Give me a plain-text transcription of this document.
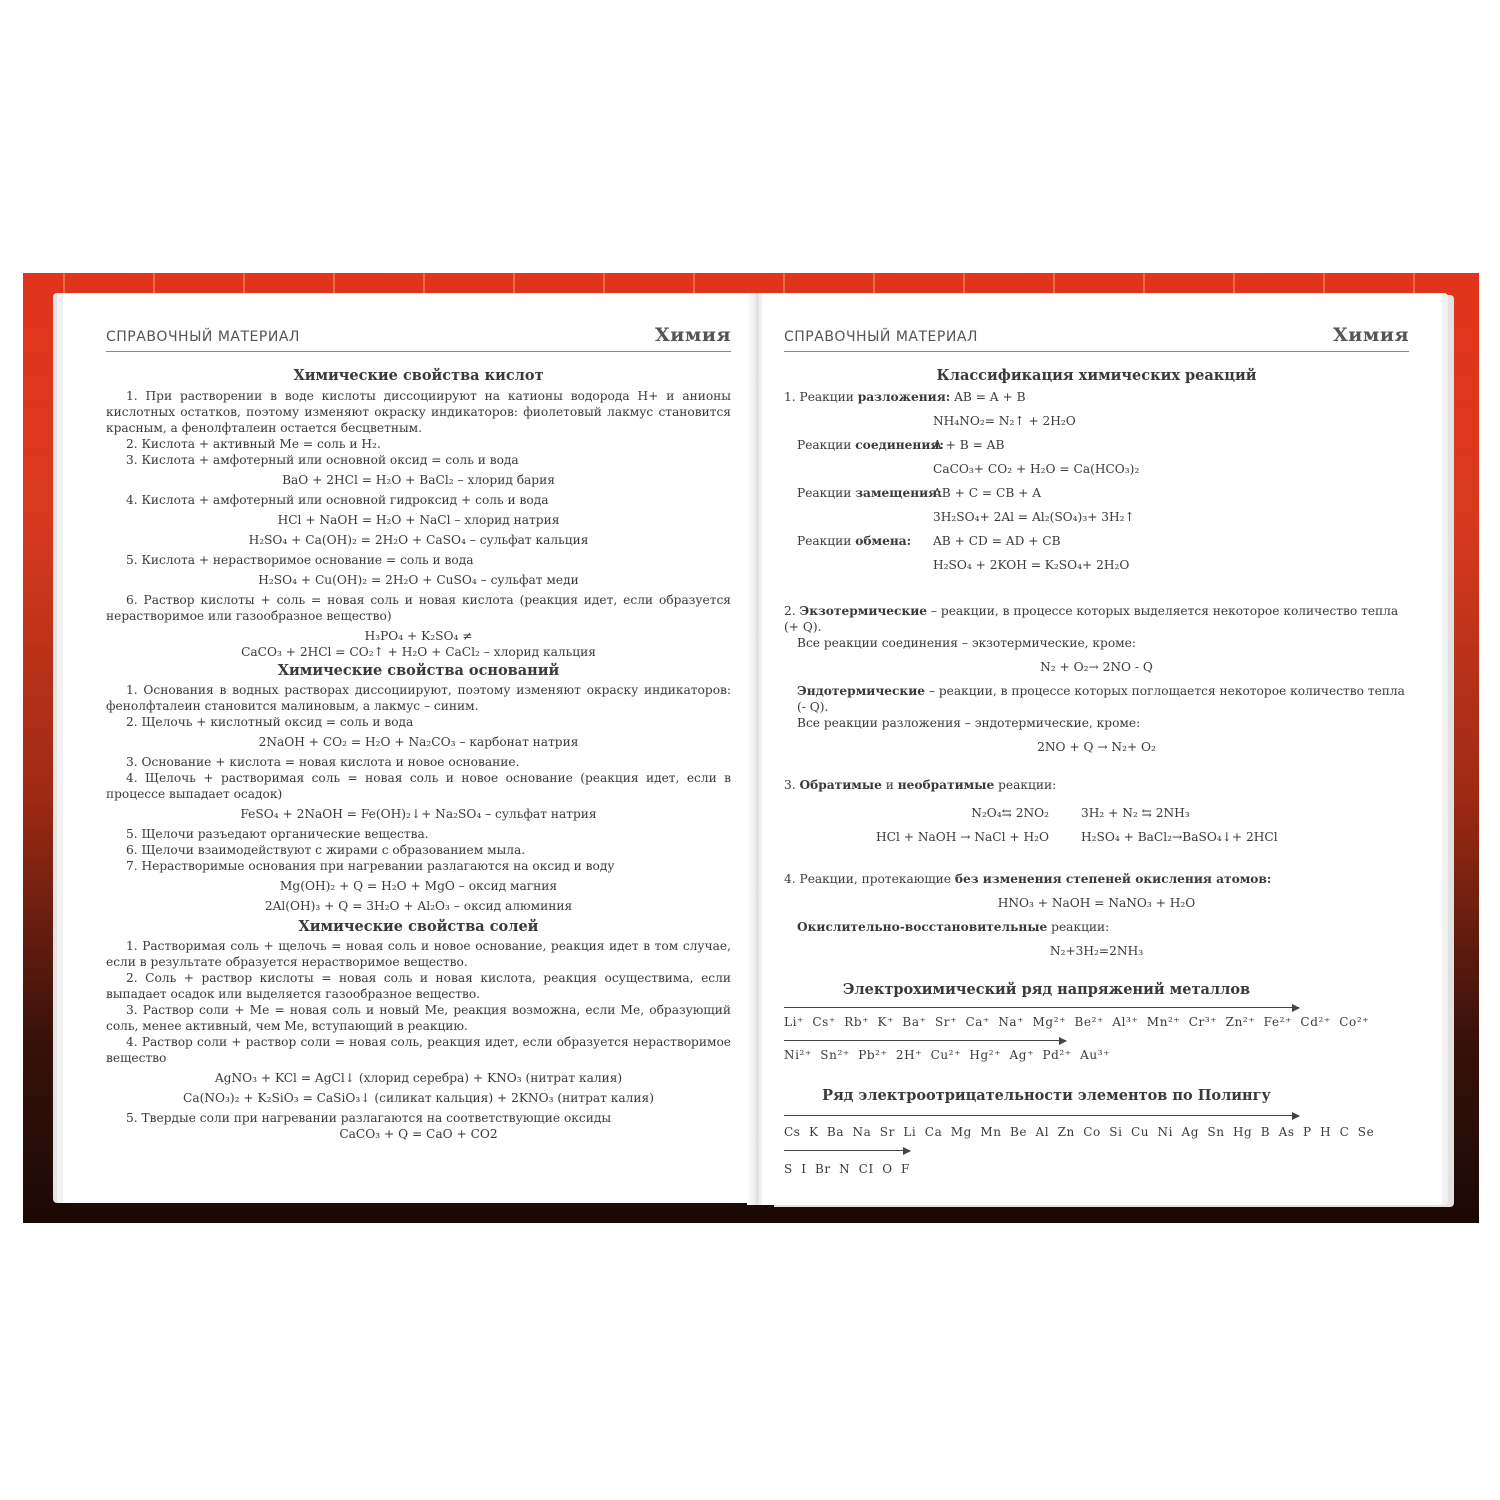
СПРАВОЧНЫЙ МАТЕРИАЛ	Химия
Химические свойства кислот

1. При растворении в воде кислоты диссоциируют на катионы водорода H+ и анионы кислотных остатков, поэтому изменяют окраску индикаторов: фиолетовый лакмус становится красным, а фенолфталеин остается бесцветным.

2. Кислота + активный Me = соль и H₂.

3. Кислота + амфотерный или основной оксид = соль и вода

BaO + 2HCl = H₂O + BaCl₂ – хлорид бария

4. Кислота + амфотерный или основной гидроксид + соль и вода

HCl + NaOH = H₂O + NaCl – хлорид натрия

H₂SO₄ + Ca(OH)₂ = 2H₂O + CaSO₄ – сульфат кальция

5. Кислота + нерастворимое основание = соль и вода

H₂SO₄ + Cu(OH)₂ = 2H₂O + CuSO₄ – сульфат меди

6. Раствор кислоты + соль = новая соль и новая кислота (реакция идет, если образуется нерастворимое или газообразное вещество)

H₃PO₄ + K₂SO₄ ≠

CaCO₃ + 2HCl = CO₂↑ + H₂O + CaCl₂ – хлорид кальция

Химические свойства оснований

1. Основания в водных растворах диссоциируют, поэтому изменяют окраску индикаторов: фенолфталеин становится малиновым, а лакмус – синим.

2. Щелочь + кислотный оксид = соль и вода

2NaOH + CO₂ = H₂O + Na₂CO₃ – карбонат натрия

3. Основание + кислота = новая кислота и новое основание.

4. Щелочь + растворимая соль = новая соль и новое основание (реакция идет, если в процессе выпадает осадок)

FeSO₄ + 2NaOH = Fe(OH)₂↓+ Na₂SO₄ – сульфат натрия

5. Щелочи разъедают органические вещества.

6. Щелочи взаимодействуют с жирами с образованием мыла.

7. Нерастворимые основания при нагревании разлагаются на оксид и воду

Mg(OH)₂ + Q = H₂O + MgO – оксид магния

2Al(OH)₃ + Q = 3H₂O + Al₂O₃ – оксид алюминия

Химические свойства солей

1. Растворимая соль + щелочь = новая соль и новое основание, реакция идет в том случае, если в результате образуется нерастворимое вещество.

2. Соль + раствор кислоты = новая соль и новая кислота, реакция осуществима, если выпадает осадок или выделяется газообразное вещество.

3. Раствор соли + Me = новая соль и новый Me, реакция возможна, если Me, образующий соль, менее активный, чем Me, вступающий в реакцию.

4. Раствор соли + раствор соли = новая соль, реакция идет, если образуется нерастворимое вещество

AgNO₃ + KCl = AgCl↓ (хлорид серебра) + KNO₃ (нитрат калия)

Ca(NO₃)₂ + K₂SiO₃ = CaSiO₃↓ (силикат кальция) + 2KNO₃ (нитрат калия)

5. Твердые соли при нагревании разлагаются на соответствующие оксиды

CaCO₃ + Q = CaO + CO2

СПРАВОЧНЫЙ МАТЕРИАЛ	Химия
Классификация химических реакций

1. Реакции разложения: AB = A + B

NH₄NO₂= N₂↑ + 2H₂O

Реакции соединения:
A + B = AB

CaCO₃+ CO₂ + H₂O = Ca(HCO₃)₂

Реакции замещения:
AB + C = CB + A

3H₂SO₄+ 2Al = Al₂(SO₄)₃+ 3H₂↑

Реакции обмена:	AB + CD = AD + CB

H₂SO₄ + 2KOH = K₂SO₄+ 2H₂O

2. Экзотермические – реакции, в процессе которых выделяется некоторое количество тепла (+ Q).

Все реакции соединения – экзотермические, кроме:

N₂ + O₂→ 2NO - Q

Эндотермические – реакции, в процессе которых поглощается некоторое количество тепла (- Q).

Все реакции разложения – эндотермические, кроме:

2NO + Q → N₂+ O₂

3. Обратимые и необратимые реакции:

N₂O₄⇆ 2NO₂	3H₂ + N₂ ⇆ 2NH₃
HCl + NaOH → NaCl + H₂O	H₂SO₄ + BaCl₂→BaSO₄↓+ 2HCl

4. Реакции, протекающие без изменения степеней окисления атомов:

HNO₃ + NaOH = NaNO₃ + H₂O

Окислительно-восстановительные реакции:

N₂+3H₂=2NH₃

Электрохимический ряд напряжений металлов

Li⁺ Cs⁺ Rb⁺ K⁺ Ba⁺ Sr⁺ Ca⁺ Na⁺ Mg²⁺ Be²⁺ Al³⁺ Mn²⁺ Cr³⁺ Zn²⁺ Fe²⁺ Cd²⁺ Co²⁺

Ni²⁺ Sn²⁺ Pb²⁺ 2H⁺ Cu²⁺ Hg²⁺ Ag⁺ Pd²⁺ Au³⁺

Ряд электроотрицательности элементов по Полингу

Cs K Ba Na Sr Li Ca Mg Mn Be Al Zn Co Si Cu Ni Ag Sn Hg B As P H C Se

S I Br N CI O F
